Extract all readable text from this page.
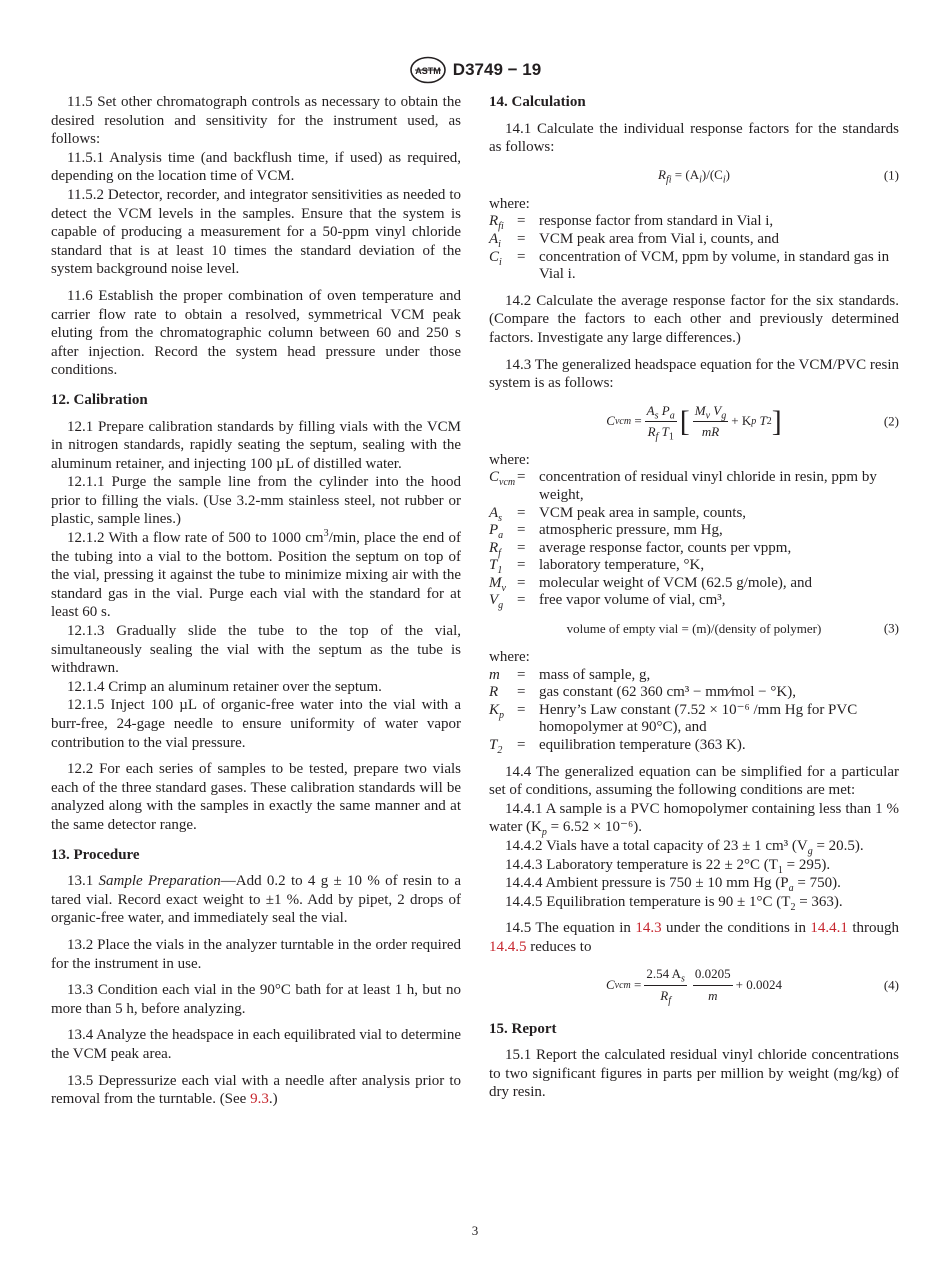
ASTM D3749 − 19

11.5 Set other chromatograph controls as necessary to obtain the desired resolution and sensitivity for the instrument used, as follows:

11.5.1 Analysis time (and backflush time, if used) as required, depending on the location time of VCM.

11.5.2 Detector, recorder, and integrator sensitivities as needed to detect the VCM levels in the samples. Ensure that the system is capable of producing a measurement for a 50-ppm vinyl chloride standard that is at least 10 times the standard deviation of the system background noise level.

11.6 Establish the proper combination of oven temperature and carrier flow rate to obtain a resolved, symmetrical VCM peak eluting from the chromatographic column between 60 and 250 s after injection. Record the system head pressure under those conditions.

12. Calibration

12.1 Prepare calibration standards by filling vials with the VCM in nitrogen standards, rapidly seating the septum, sealing with the aluminum retainer, and injecting 100 µL of distilled water.

12.1.1 Purge the sample line from the cylinder into the hood prior to filling the vials. (Use 3.2-mm stainless steel, not rubber or plastic, sample lines.)

12.1.2 With a flow rate of 500 to 1000 $cm^3/\min$, place the end of the tubing into a vial to the bottom. Position the septum on top of the vial, pressing it against the tube to minimize mixing air with the standard gas in the vial. Purge each vial with the standard for at least 60 s.

12.1.3 Gradually slide the tube to the top of the vial, simultaneously sealing the vial with the septum as the tube is withdrawn.

12.1.4 Crimp an aluminum retainer over the septum.

12.1.5 Inject 100 µL of organic-free water into the vial with a burr-free, 24-gage needle to ensure uniformity of water vapor contribution to the vial pressure.

12.2 For each series of samples to be tested, prepare two vials each of the three standard gases. These calibration standards will be analyzed along with the samples in exactly the same manner and at the same detector range.

13. Procedure

13.1 Sample Preparation—Add 0.2 to 4 g ± 10 % of resin to a tared vial. Record exact weight to ±1 %. Add by pipet, 2 drops of organic-free water, and immediately seal the vial.

13.2 Place the vials in the analyzer turntable in the order required for the instrument in use.

13.3 Condition each vial in the 90°C bath for at least 1 h, but no more than 5 h, before analyzing.

13.4 Analyze the headspace in each equilibrated vial to determine the VCM peak area.

13.5 Depressurize each vial with a needle after analysis prior to removal from the turntable. (See 9.3.)

14. Calculation

14.1 Calculate the individual response factors for the standards as follows:

$R_{fi} = (A_i)/(C_i)$	(1)

where:

$R_{fi}$	=	response factor from standard in Vial i,
$A_i$	=	VCM peak area from Vial i, counts, and
$C_i$	=	concentration of VCM, ppm by volume, in standard gas in Vial i.

14.2 Calculate the average response factor for the six standards. (Compare the factors to each other and previously determined factors. Investigate any large differences.)

14.3 The generalized headspace equation for the VCM/PVC resin system is as follows:

C vcm = $\frac{A_s P_a}{R_f T_1}$ [ $\frac{M_v V_g}{mR} + K$ p
T 2 ]	(2)

where:

$C_{vcm}$	=	concentration of residual vinyl chloride in resin, ppm by weight,
$A_s$	=	VCM peak area in sample, counts,
$P_a$	=	atmospheric pressure, mm Hg,
$R_f$	=	average response factor, counts per vppm,
$T_1$	=	laboratory temperature, °K,
$M_v$	=	molecular weight of VCM (62.5 g/mole), and
$V_g$	=	free vapor volume of vial, cm³,
volume of empty vial = (m)/(density of polymer)	(3)

where:

m	=	mass of sample, g,
R	=	gas constant (62 360 cm³ − mm⁄mol − °K),
$K_p$	=	Henry’s Law constant (7.52 × 10⁻⁶ /mm Hg for PVC homopolymer at 90°C), and
$T_2$	=	equilibration temperature (363 K).

14.4 The generalized equation can be simplified for a particular set of conditions, assuming the following conditions are met:

14.4.1 A sample is a PVC homopolymer containing less than 1 % water $(K_p = 6.52 \times 10^{-6})$.

14.4.2 Vials have a total capacity of 23 ± 1 cm³ $(V_g = 20.5)$.

14.4.3 Laboratory temperature is 22 ± 2°C $(T_1 = 295)$.

14.4.4 Ambient pressure is 750 ± 10 mm Hg $(P_a = 750)$.

14.4.5 Equilibration temperature is 90 ± 1°C $(T_2 = 363)$.

14.5 The equation in 14.3 under the conditions in 14.4.1 through 14.4.5 reduces to

C vcm = $\frac{2.54 A_s}{R_f} \frac{0.0205}{m} + 0.0024$	(4)
15. Report

15.1 Report the calculated residual vinyl chloride concentrations to two significant figures in parts per million by weight (mg/kg) of dry resin.

3
